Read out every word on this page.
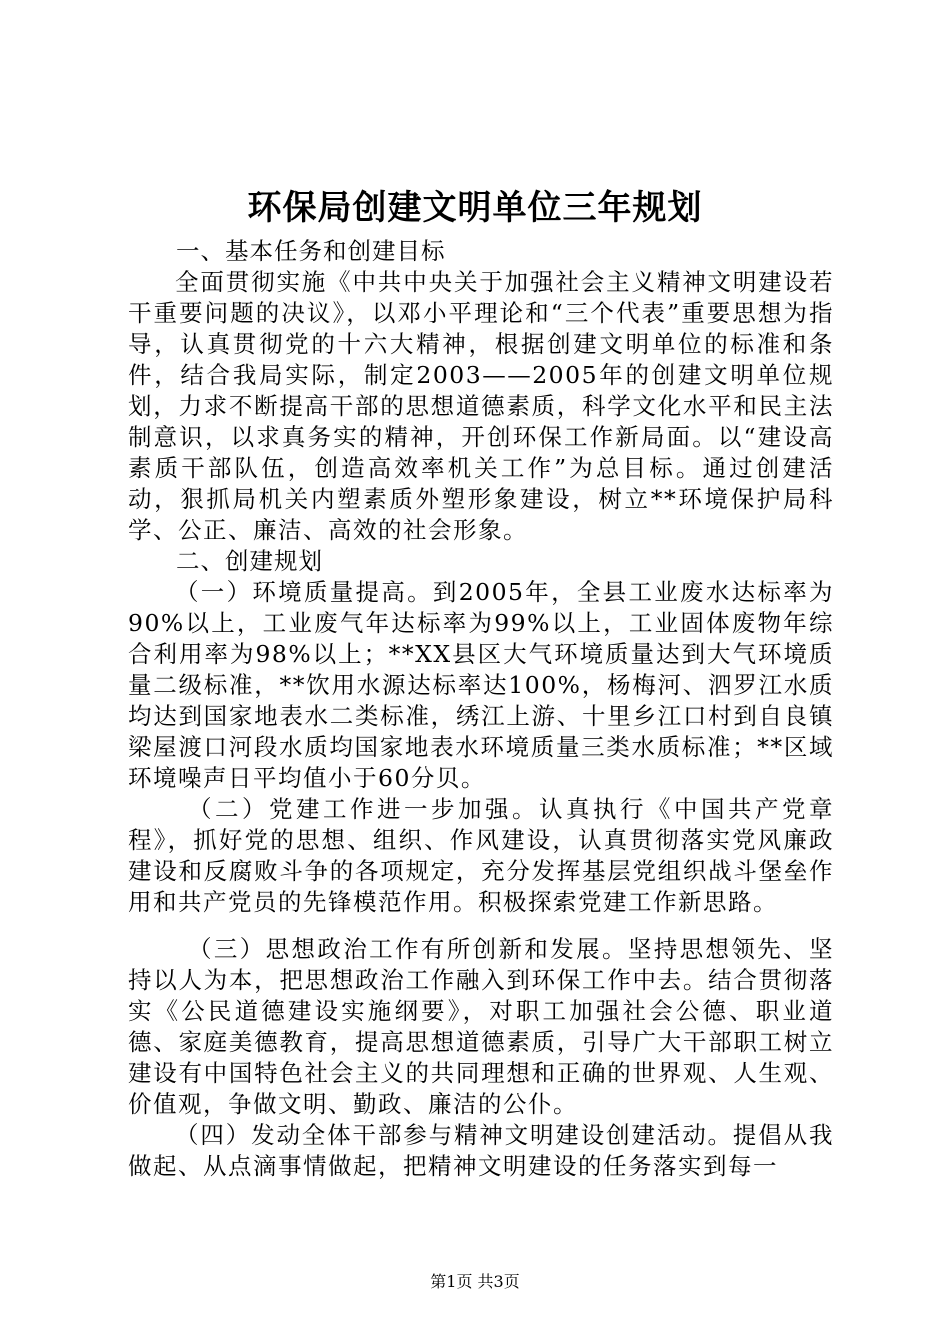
环保局创建文明单位三年规划

一、基本任务和创建目标

全面贯彻实施《中共中央关于加强社会主义精神文明建设若干重要问题的决议》，以邓小平理论和“三个代表”重要思想为指导，认真贯彻党的十六大精神，根据创建文明单位的标准和条件，结合我局实际，制定2003——2005年的创建文明单位规划，力求不断提高干部的思想道德素质，科学文化水平和民主法制意识，以求真务实的精神，开创环保工作新局面。以“建设高素质干部队伍，创造高效率机关工作”为总目标。通过创建活动，狠抓局机关内塑素质外塑形象建设，树立**环境保护局科学、公正、廉洁、高效的社会形象。

二、创建规划

（一）环境质量提高。到2005年，全县工业废水达标率为90%以上，工业废气年达标率为99%以上，工业固体废物年综合利用率为98%以上；**XX县区大气环境质量达到大气环境质量二级标准，**饮用水源达标率达100%，杨梅河、泗罗江水质均达到国家地表水二类标准，绣江上游、十里乡江口村到自良镇梁屋渡口河段水质均国家地表水环境质量三类水质标准；**区域环境噪声日平均值小于60分贝。

（二）党建工作进一步加强。认真执行《中国共产党章程》，抓好党的思想、组织、作风建设，认真贯彻落实党风廉政建设和反腐败斗争的各项规定，充分发挥基层党组织战斗堡垒作用和共产党员的先锋模范作用。积极探索党建工作新思路。

（三）思想政治工作有所创新和发展。坚持思想领先、坚持以人为本，把思想政治工作融入到环保工作中去。结合贯彻落实《公民道德建设实施纲要》，对职工加强社会公德、职业道德、家庭美德教育，提高思想道德素质，引导广大干部职工树立建设有中国特色社会主义的共同理想和正确的世界观、人生观、价值观，争做文明、勤政、廉洁的公仆。

（四）发动全体干部参与精神文明建设创建活动。提倡从我做起、从点滴事情做起，把精神文明建设的任务落实到每一

第1页 共3页
